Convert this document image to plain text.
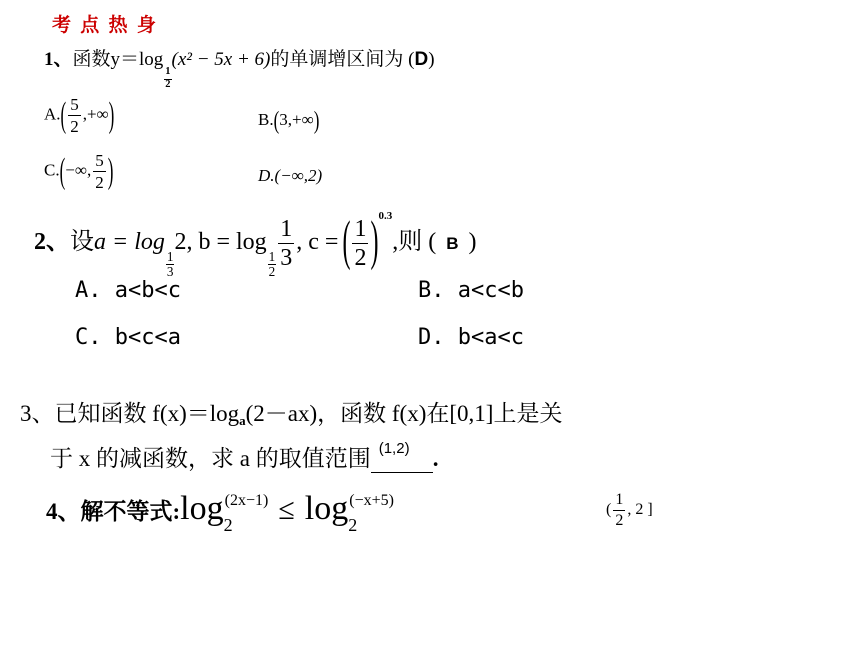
考 点 热 身
1、函数y＝log
$\frac{1}{2}$
(x² − 5x + 6)的单调增区间为 (D)
$A.( \frac{5}{2}$ ,+∞)	B.(3,+∞)
C.(−∞, $\frac{5}{2}$ )	D.(−∞,2)
2、设a = log
$\frac{1}{3}$
2, b = log
$\frac{1}{2} \frac{1}{3}$ , c = ( $\frac{1}{2} )^{0.3}$,则 ( B )
A. a<b<c	B. a<c<b
C. b<c<a	D. b<a<c
3、已知函数 f(x)＝loga(2－ax)，函数 f(x)在[0,1]上是关
于 x 的减函数，求 a 的取值范围 (1,2) .
4、解不等式$:\log_2^{(2x-1)} \le \log_2^{(-x+5)}$
( $\frac{1}{2}$ , 2 ]
